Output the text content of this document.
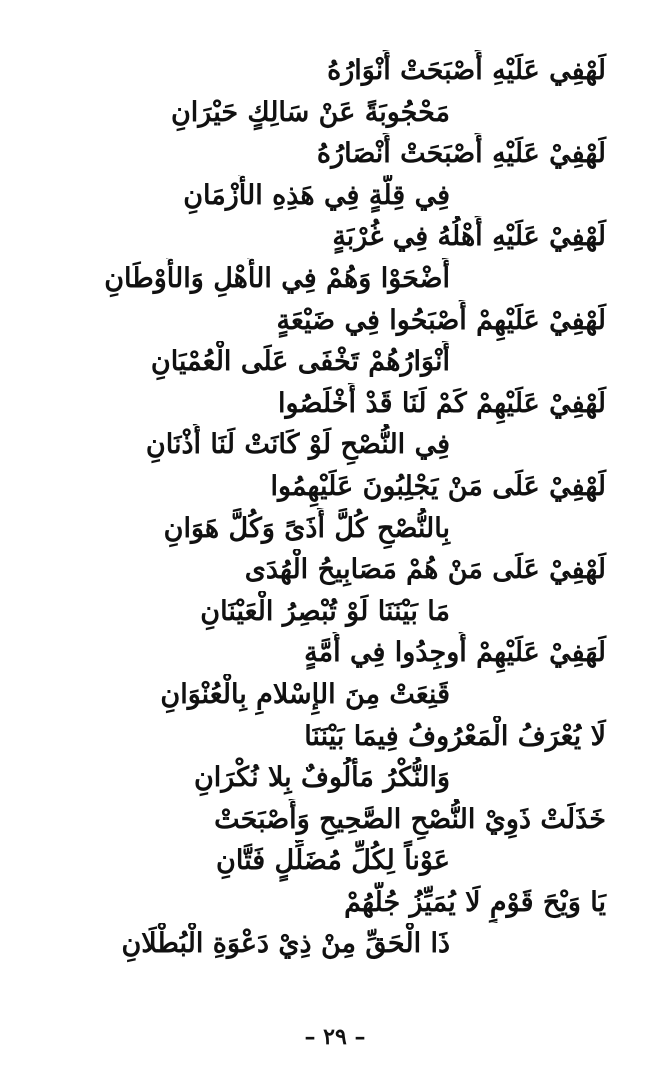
لَهْفِي عَلَيْهِ أَصْبَحَتْ أَنْوَارُهُ
مَحْجُوبَةً عَنْ سَالِكٍ حَيْرَانِ
لَهْفِيْ عَلَيْهِ أَصْبَحَتْ أَنْصَارُهُ
فِي قِلَّةٍ فِي هَذِهِ الأَزْمَانِ
لَهْفِيْ عَلَيْهِ أَهْلُهُ فِي غُرْبَةٍ
أَضْحَوْا وَهُمْ فِي الأَهْلِ وَالأَوْطَانِ
لَهْفِيْ عَلَيْهِمْ أَصْبَحُوا فِي ضَيْعَةٍ
أَنْوَارُهُمْ تَخْفَى عَلَى الْعُمْيَانِ
لَهْفِيْ عَلَيْهِمْ كَمْ لَنَا قَدْ أَخْلَصُوا
فِي النُّصْحِ لَوْ كَانَتْ لَنَا أُذْنَانِ
لَهْفِيْ عَلَى مَنْ يَجْلِبُونَ عَلَيْهِمُوا
بِالنُّصْحِ كُلَّ أَذَىً وَكُلَّ هَوَانِ
لَهْفِيْ عَلَى مَنْ هُمْ مَصَابِيحُ الْهُدَى
مَا بَيْنَنَا لَوْ تُبْصِرُ الْعَيْنَانِ
لَهَفِيْ عَلَيْهِمْ أُوجِدُوا فِي أُمَّةٍ
قَنِعَتْ مِنَ الإِسْلامِ بِالْعُنْوَانِ
لَا يُعْرَفُ الْمَعْرُوفُ فِيمَا بَيْنَنَا
وَالنُّكْرُ مَأْلُوفٌ بِلا نُكْرَانِ
خَذَلَتْ ذَوِيْ النُّصْحِ الصَّحِيحِ وَأَصْبَحَتْ
عَوْناً لِكُلِّ مُضَلِّلٍ فَتَّانِ
يَا وَيْحَ قَوْمٍ لَا يُمَيِّزُ جُلُّهُمْ
ذَا الْحَقِّ مِنْ ذِيْ دَعْوَةِ الْبُطْلَانِ
– ٢٩ –
